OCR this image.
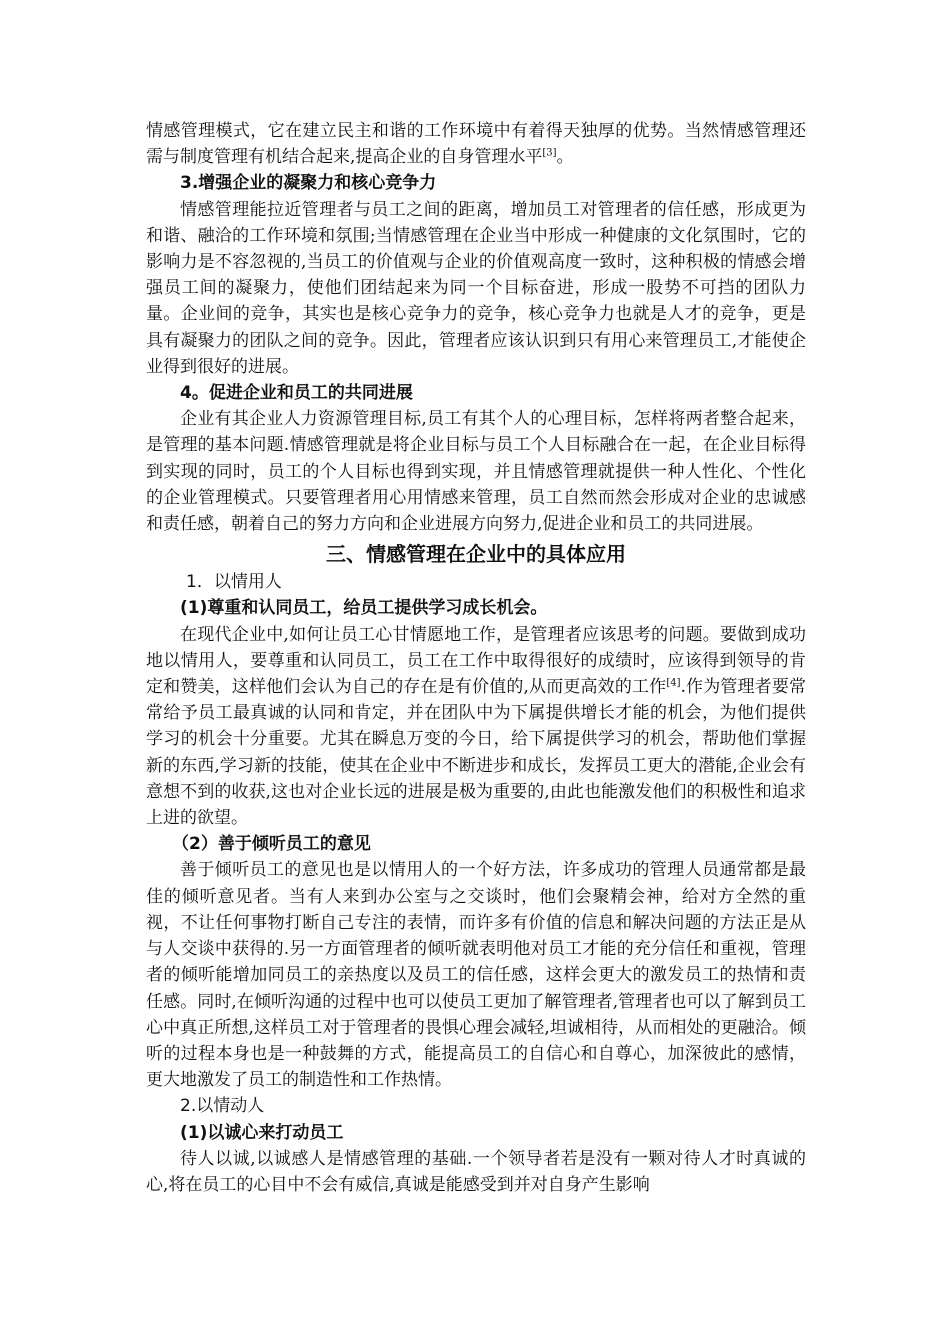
情感管理模式，它在建立民主和谐的工作环境中有着得天独厚的优势。当然情感管理还需与制度管理有机结合起来,提高企业的自身管理水平[3]。

3.增强企业的凝聚力和核心竞争力

情感管理能拉近管理者与员工之间的距离，增加员工对管理者的信任感，形成更为和谐、融洽的工作环境和氛围;当情感管理在企业当中形成一种健康的文化氛围时，它的影响力是不容忽视的,当员工的价值观与企业的价值观高度一致时，这种积极的情感会增强员工间的凝聚力，使他们团结起来为同一个目标奋进，形成一股势不可挡的团队力量。企业间的竞争，其实也是核心竞争力的竞争，核心竞争力也就是人才的竞争，更是具有凝聚力的团队之间的竞争。因此，管理者应该认识到只有用心来管理员工,才能使企业得到很好的进展。

4。促进企业和员工的共同进展

企业有其企业人力资源管理目标,员工有其个人的心理目标，怎样将两者整合起来，是管理的基本问题.情感管理就是将企业目标与员工个人目标融合在一起，在企业目标得到实现的同时，员工的个人目标也得到实现，并且情感管理就提供一种人性化、个性化的企业管理模式。只要管理者用心用情感来管理，员工自然而然会形成对企业的忠诚感和责任感，朝着自己的努力方向和企业进展方向努力,促进企业和员工的共同进展。

三、情感管理在企业中的具体应用

1．以情用人

(1)尊重和认同员工，给员工提供学习成长机会。

在现代企业中,如何让员工心甘情愿地工作，是管理者应该思考的问题。要做到成功地以情用人，要尊重和认同员工，员工在工作中取得很好的成绩时，应该得到领导的肯定和赞美，这样他们会认为自己的存在是有价值的,从而更高效的工作[4].作为管理者要常常给予员工最真诚的认同和肯定，并在团队中为下属提供增长才能的机会，为他们提供学习的机会十分重要。尤其在瞬息万变的今日，给下属提供学习的机会，帮助他们掌握新的东西,学习新的技能，使其在企业中不断进步和成长，发挥员工更大的潜能,企业会有意想不到的收获,这也对企业长远的进展是极为重要的,由此也能激发他们的积极性和追求上进的欲望。

（2）善于倾听员工的意见

善于倾听员工的意见也是以情用人的一个好方法，许多成功的管理人员通常都是最佳的倾听意见者。当有人来到办公室与之交谈时，他们会聚精会神，给对方全然的重视，不让任何事物打断自己专注的表情，而许多有价值的信息和解决问题的方法正是从与人交谈中获得的.另一方面管理者的倾听就表明他对员工才能的充分信任和重视，管理者的倾听能增加同员工的亲热度以及员工的信任感，这样会更大的激发员工的热情和责任感。同时,在倾听沟通的过程中也可以使员工更加了解管理者,管理者也可以了解到员工心中真正所想,这样员工对于管理者的畏惧心理会减轻,坦诚相待，从而相处的更融洽。倾听的过程本身也是一种鼓舞的方式，能提高员工的自信心和自尊心，加深彼此的感情，更大地激发了员工的制造性和工作热情。

2.以情动人

(1)以诚心来打动员工

待人以诚,以诚感人是情感管理的基础.一个领导者若是没有一颗对待人才时真诚的心,将在员工的心目中不会有威信,真诚是能感受到并对自身产生影响
